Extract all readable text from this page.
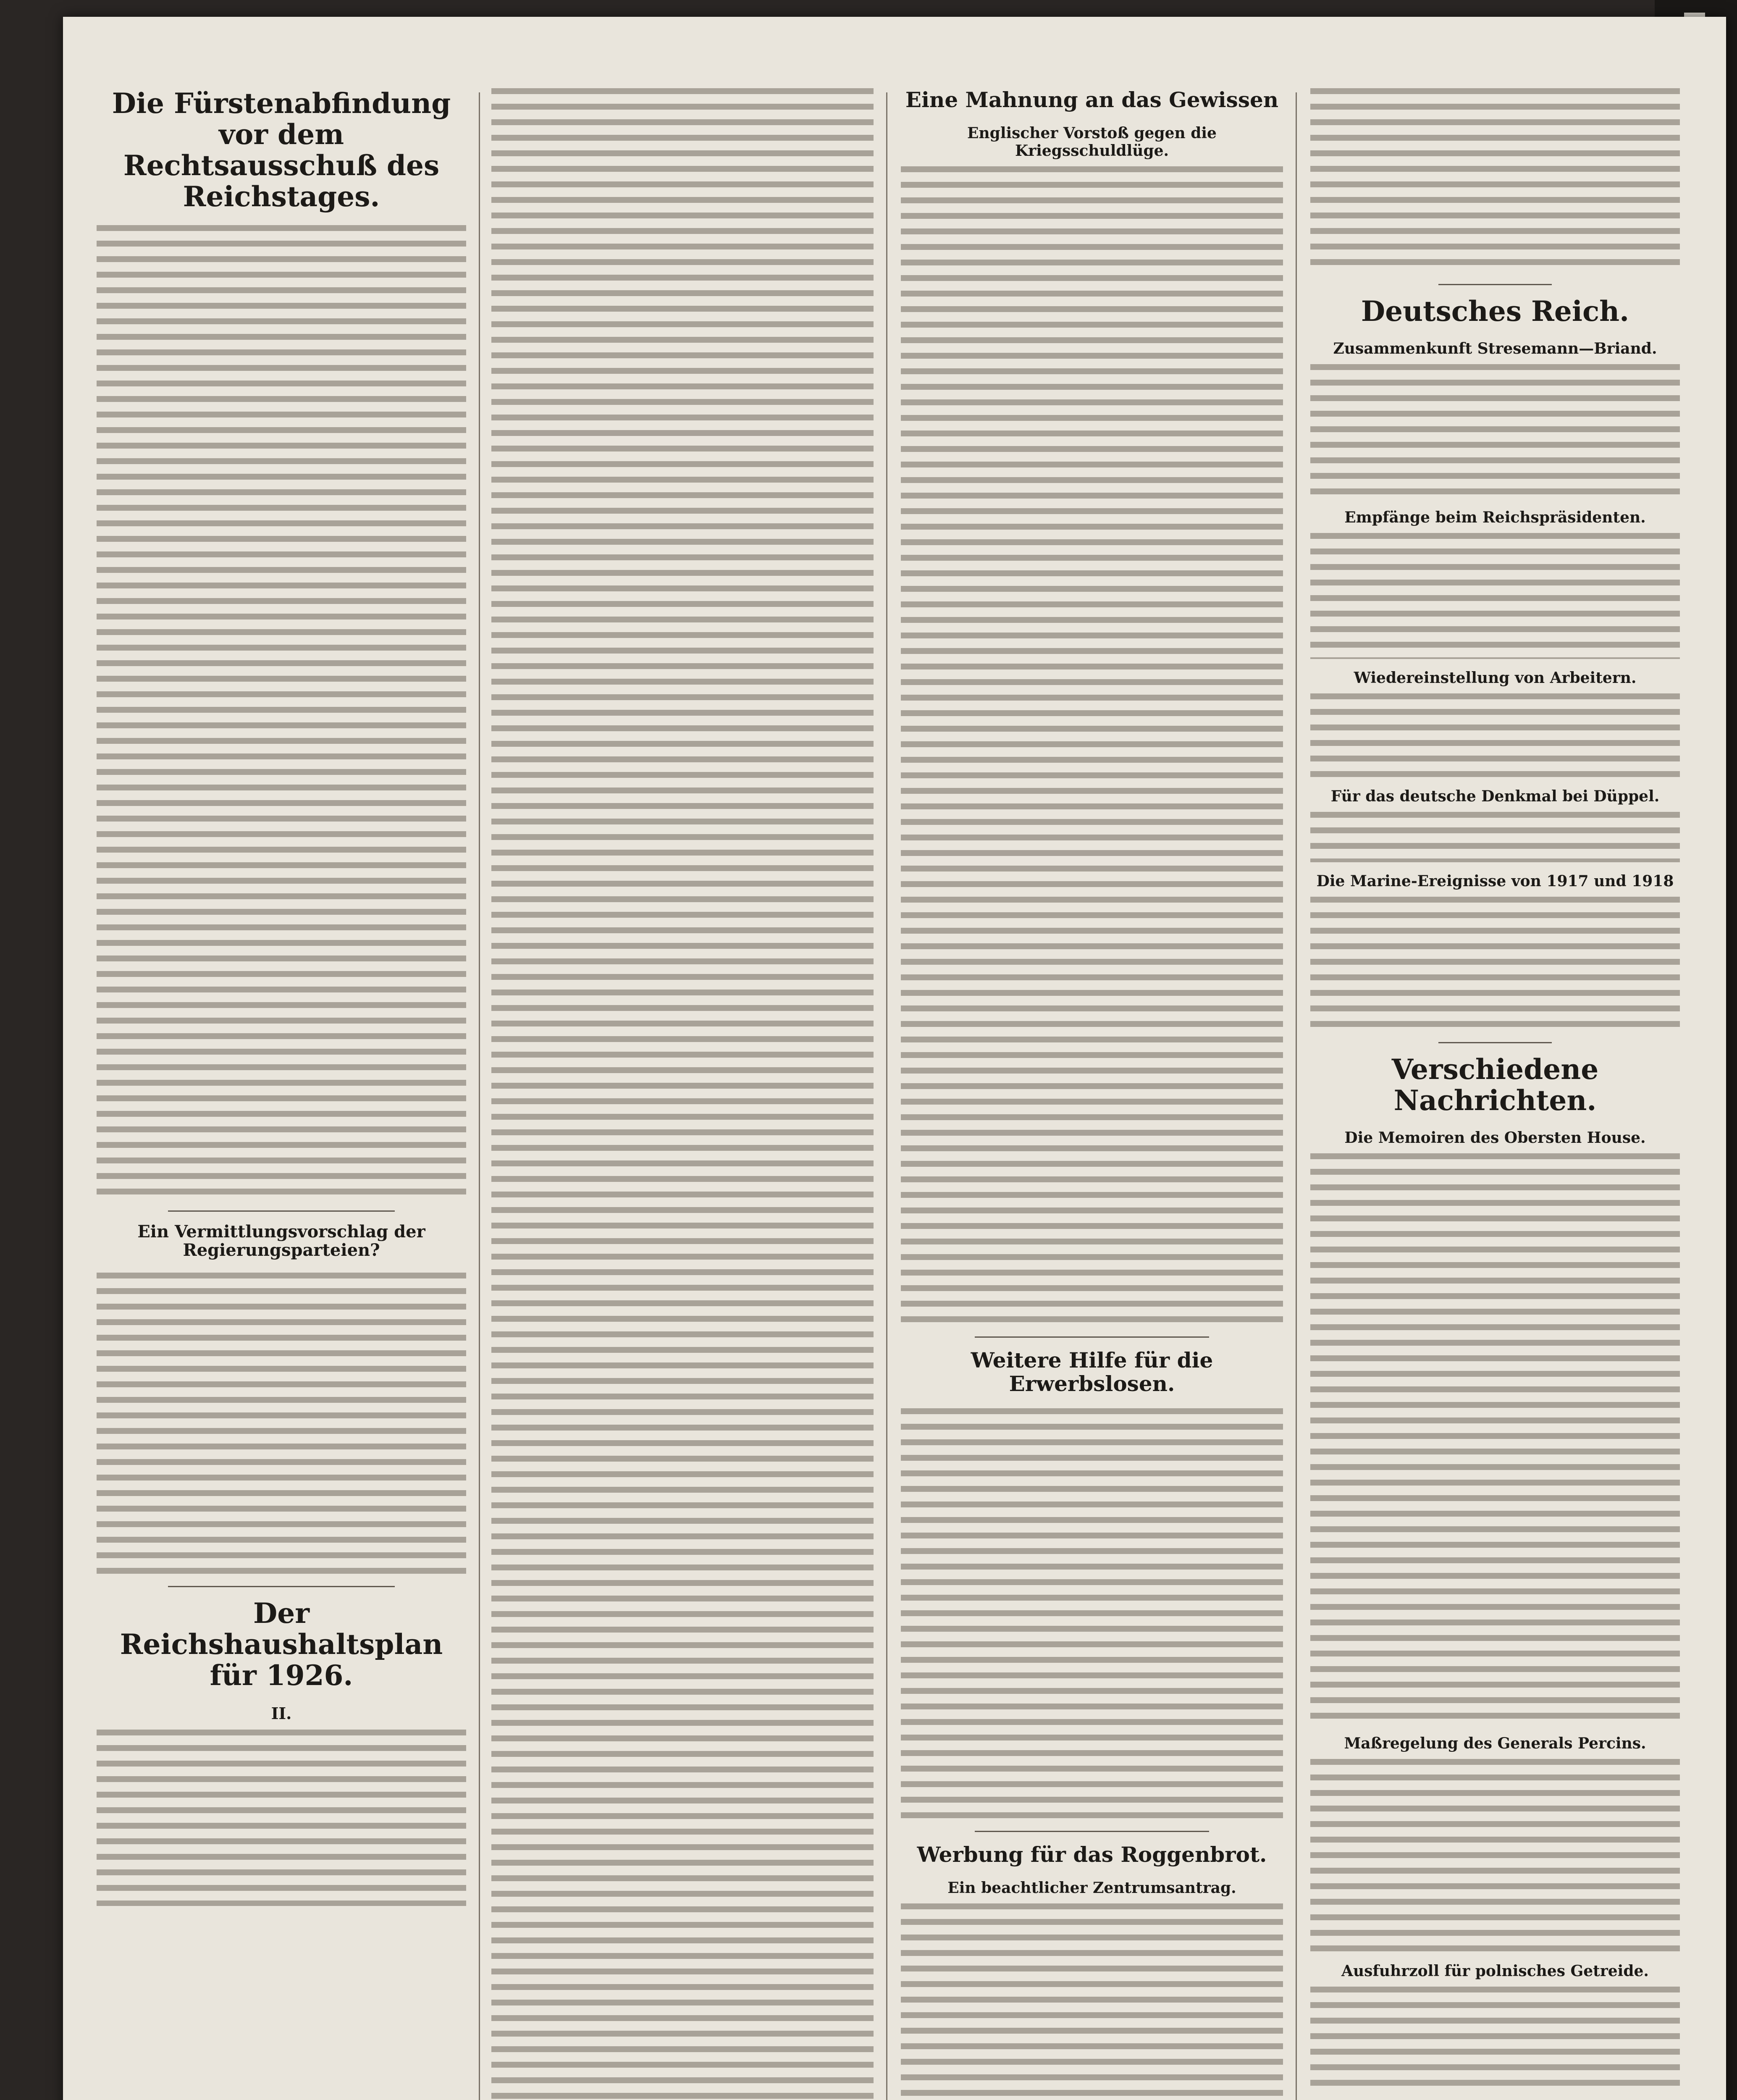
Die Fürstenabfindung vor dem Rechtsausschuß des Reichstages.
Ein Vermittlungsvorschlag der Regierungsparteien?
Der Reichshaushaltsplan für 1926.
II.
Eine Mahnung an das Gewissen
Englischer Vorstoß gegen die Kriegsschuldlüge.
Weitere Hilfe für die Erwerbslosen.
Werbung für das Roggenbrot.
Ein beachtlicher Zentrumsantrag.
Deutsches Reich.
Zusammenkunft Stresemann—Briand.
Empfänge beim Reichspräsidenten.
Wiedereinstellung von Arbeitern.
Für das deutsche Denkmal bei Düppel.
Die Marine-Ereignisse von 1917 und 1918
Verschiedene Nachrichten.
Die Memoiren des Obersten House.
Maßregelung des Generals Percins.
Ausfuhrzoll für polnisches Getreide.
